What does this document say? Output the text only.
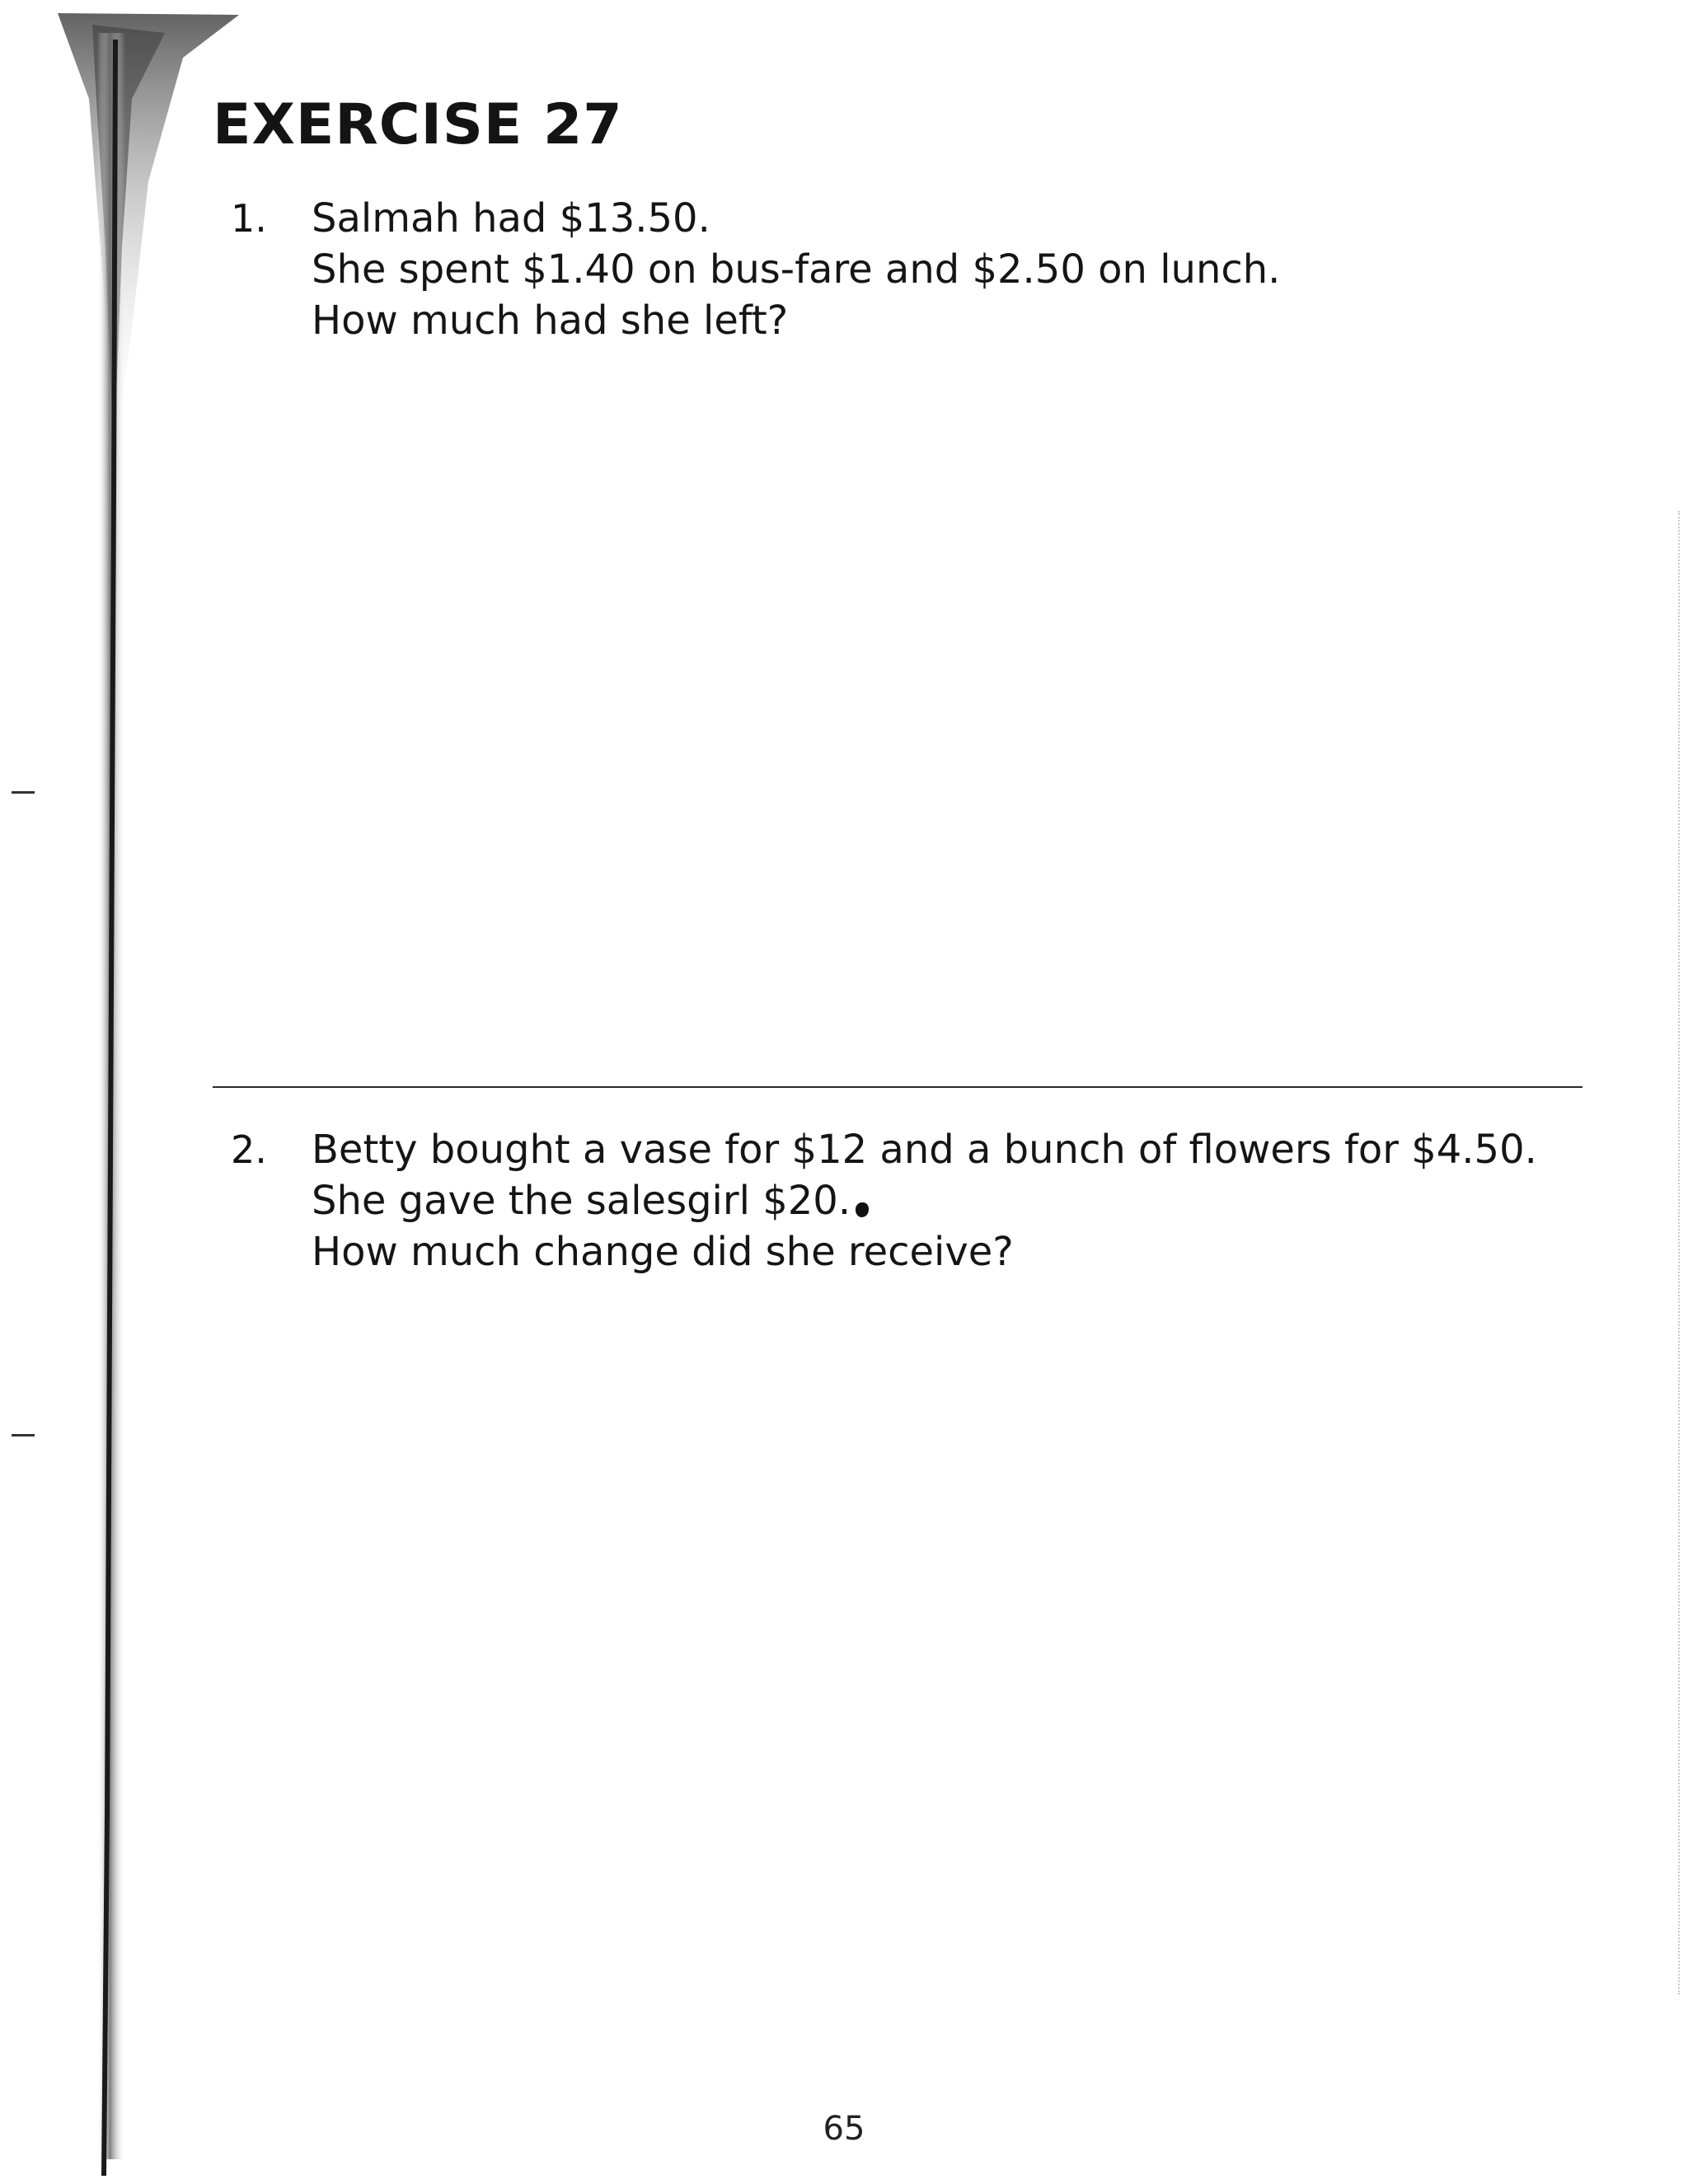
EXERCISE 27
1. Salmah had $13.50.
She spent $1.40 on bus-fare and $2.50 on lunch.
How much had she left?
2. Betty bought a vase for $12 and a bunch of flowers for $4.50.
She gave the salesgirl $20.
How much change did she receive?
65
